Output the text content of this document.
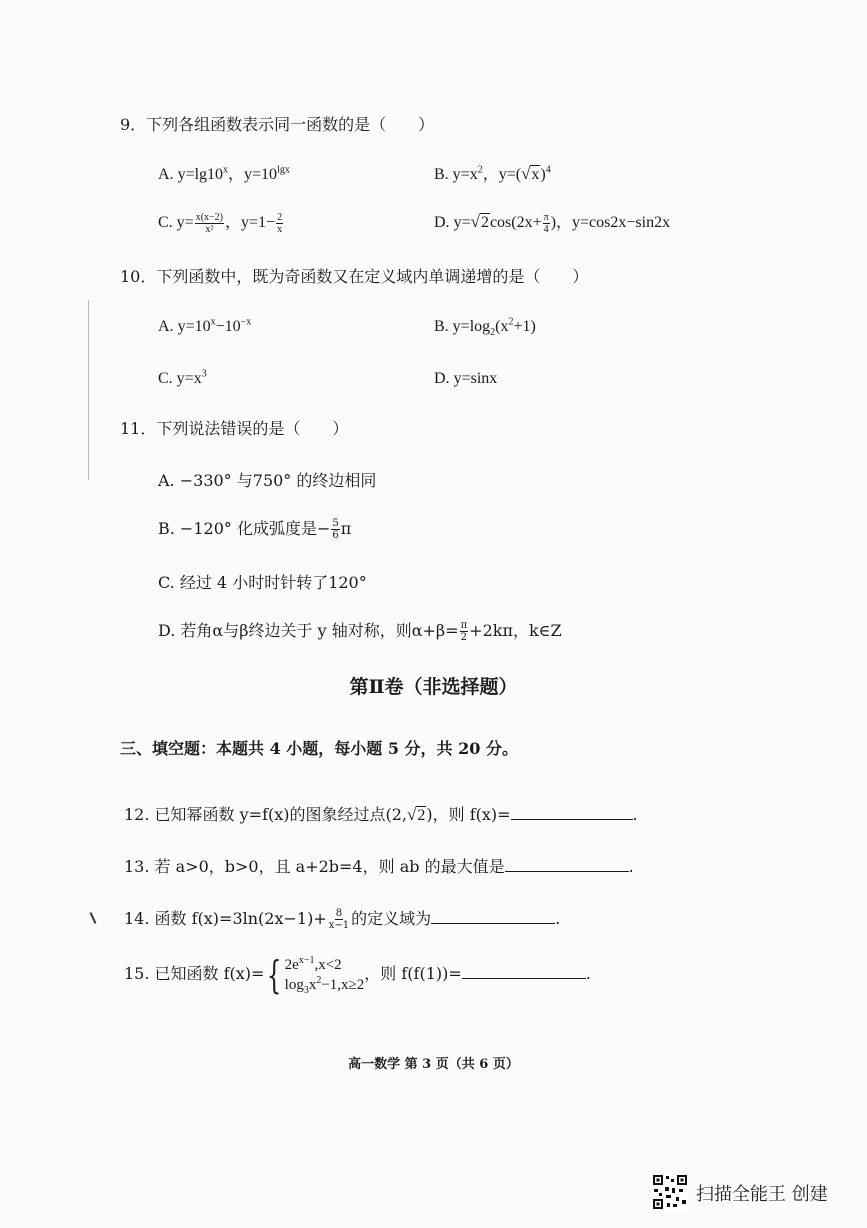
9．下列各组函数表示同一函数的是（　　）
A. $y=\lg 10^x$，$y=10^{lgx}$	B. $y=x^2$，y=( √ x )$^4$
C. $y= \frac{x(x-2)}{\text{x²}}$ ，$y=1- \frac{2}{x}$	D. y= √ 2 $\cos(2x+ \frac{\pi}{4}$ )，y=cos2x−sin2x
10．下列函数中，既为奇函数又在定义域内单调递增的是（　　）
A. $y=10^x-10^{-x}$	B. $y=\log_2(x^2+1)$
C. $y=x^3$	D. y=sinx
11．下列说法错误的是（　　）
A. −330° 与750° 的终边相同
B. −120° 化成弧度是− $\frac{5}{6}$ π
C. 经过 4 小时时针转了120°
D. 若角α与β终边关于 y 轴对称，则$\alpha+\beta= \frac{\pi}{2} +2k\pi$，k∈Z
第Ⅱ卷（非选择题）
三、填空题：本题共 4 小题，每小题 5 分，共 20 分。
12. 已知幂函数 y=f(x)的图象经过点(2, √ 2 )，则 f(x)=	.
13. 若 a>0，b>0，且 a+2b=4，则 ab 的最大值是	.
14. 函数 $f(x)=3\ln(2x-1)+ \frac{8}{x-1}$ 的定义域为	.
15. 已知函数 f(x)={ $2e^{x-1},x<2$
$\log_3x^2-1,x\ge 2$
，则 f(f(1))=	.
高一数学 第 3 页（共 6 页）
扫描全能王 创建
